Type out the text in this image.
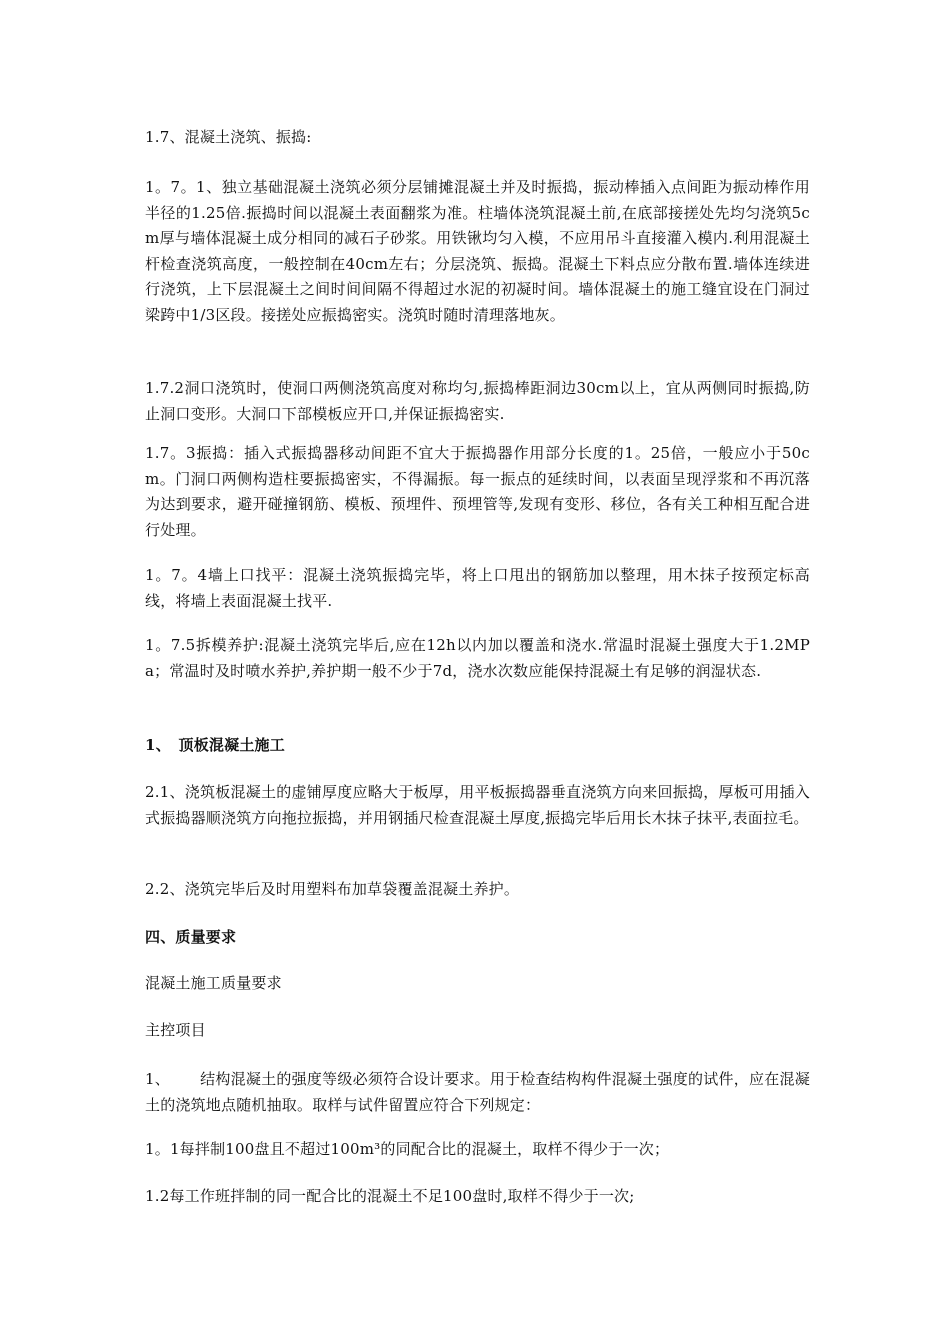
1.7、混凝土浇筑、振捣:

1。7。1、独立基础混凝土浇筑必须分层铺摊混凝土并及时振捣，振动棒插入点间距为振动棒作用半径的1.25倍.振捣时间以混凝土表面翻浆为准。柱墙体浇筑混凝土前,在底部接搓处先均匀浇筑5cm厚与墙体混凝土成分相同的减石子砂浆。用铁锹均匀入模，不应用吊斗直接灌入模内.利用混凝土杆检查浇筑高度，一般控制在40cm左右；分层浇筑、振捣。混凝土下料点应分散布置.墙体连续进行浇筑，上下层混凝土之间时间间隔不得超过水泥的初凝时间。墙体混凝土的施工缝宜设在门洞过梁跨中1/3区段。接搓处应振捣密实。浇筑时随时清理落地灰。

1.7.2洞口浇筑时，使洞口两侧浇筑高度对称均匀,振捣棒距洞边30cm以上，宜从两侧同时振捣,防止洞口变形。大洞口下部模板应开口,并保证振捣密实.

1.7。3振捣：插入式振捣器移动间距不宜大于振捣器作用部分长度的1。25倍，一般应小于50cm。门洞口两侧构造柱要振捣密实，不得漏振。每一振点的延续时间，以表面呈现浮浆和不再沉落为达到要求，避开碰撞钢筋、模板、预埋件、预埋管等,发现有变形、移位，各有关工种相互配合进行处理。

1。7。4墙上口找平：混凝土浇筑振捣完毕，将上口甩出的钢筋加以整理，用木抹子按预定标高线，将墙上表面混凝土找平.

1。7.5拆模养护:混凝土浇筑完毕后,应在12h以内加以覆盖和浇水.常温时混凝土强度大于1.2MPa；常温时及时喷水养护,养护期一般不少于7d，浇水次数应能保持混凝土有足够的润湿状态.

1、　顶板混凝土施工

2.1、浇筑板混凝土的虚铺厚度应略大于板厚，用平板振捣器垂直浇筑方向来回振捣，厚板可用插入式振捣器顺浇筑方向拖拉振捣，并用钢插尺检查混凝土厚度,振捣完毕后用长木抹子抹平,表面拉毛。

2.2、浇筑完毕后及时用塑料布加草袋覆盖混凝土养护。

四、质量要求

混凝土施工质量要求

主控项目

1、 结构混凝土的强度等级必须符合设计要求。用于检查结构构件混凝土强度的试件，应在混凝土的浇筑地点随机抽取。取样与试件留置应符合下列规定：

1。1每拌制100盘且不超过100m³的同配合比的混凝土，取样不得少于一次；

1.2每工作班拌制的同一配合比的混凝土不足100盘时,取样不得少于一次;
